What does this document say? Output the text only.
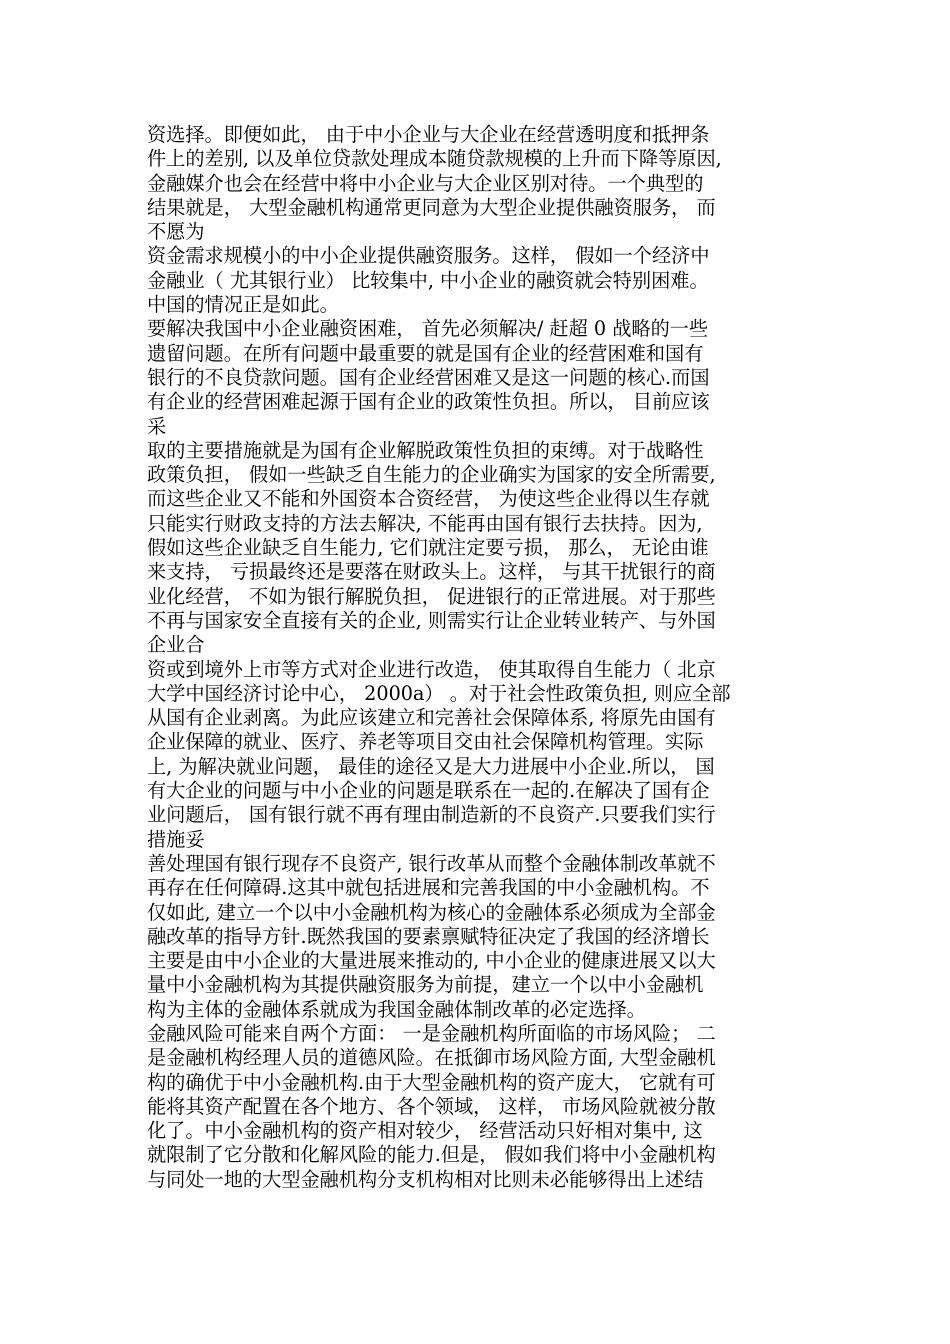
资选择。即便如此， 由于中小企业与大企业在经营透明度和抵押条
件上的差别, 以及单位贷款处理成本随贷款规模的上升而下降等原因,
金融媒介也会在经营中将中小企业与大企业区别对待。一个典型的
结果就是， 大型金融机构通常更同意为大型企业提供融资服务， 而
不愿为
资金需求规模小的中小企业提供融资服务。这样， 假如一个经济中
金融业（ 尤其银行业） 比较集中, 中小企业的融资就会特别困难。
中国的情况正是如此。
要解决我国中小企业融资困难， 首先必须解决/ 赶超 0 战略的一些
遗留问题。在所有问题中最重要的就是国有企业的经营困难和国有
银行的不良贷款问题。国有企业经营困难又是这一问题的核心.而国
有企业的经营困难起源于国有企业的政策性负担。所以， 目前应该
采
取的主要措施就是为国有企业解脱政策性负担的束缚。对于战略性
政策负担， 假如一些缺乏自生能力的企业确实为国家的安全所需要,
而这些企业又不能和外国资本合资经营， 为使这些企业得以生存就
只能实行财政支持的方法去解决, 不能再由国有银行去扶持。因为,
假如这些企业缺乏自生能力, 它们就注定要亏损， 那么， 无论由谁
来支持， 亏损最终还是要落在财政头上。这样， 与其干扰银行的商
业化经营， 不如为银行解脱负担， 促进银行的正常进展。对于那些
不再与国家安全直接有关的企业, 则需实行让企业转业转产、与外国
企业合
资或到境外上市等方式对企业进行改造， 使其取得自生能力（ 北京
大学中国经济讨论中心， 2000a） 。对于社会性政策负担, 则应全部
从国有企业剥离。为此应该建立和完善社会保障体系, 将原先由国有
企业保障的就业、医疗、养老等项目交由社会保障机构管理。实际
上, 为解决就业问题， 最佳的途径又是大力进展中小企业.所以， 国
有大企业的问题与中小企业的问题是联系在一起的.在解决了国有企
业问题后， 国有银行就不再有理由制造新的不良资产.只要我们实行
措施妥
善处理国有银行现存不良资产, 银行改革从而整个金融体制改革就不
再存在任何障碍.这其中就包括进展和完善我国的中小金融机构。不
仅如此, 建立一个以中小金融机构为核心的金融体系必须成为全部金
融改革的指导方针.既然我国的要素禀赋特征决定了我国的经济增长
主要是由中小企业的大量进展来推动的, 中小企业的健康进展又以大
量中小金融机构为其提供融资服务为前提，建立一个以中小金融机
构为主体的金融体系就成为我国金融体制改革的必定选择。
金融风险可能来自两个方面： 一是金融机构所面临的市场风险； 二
是金融机构经理人员的道德风险。在抵御市场风险方面, 大型金融机
构的确优于中小金融机构.由于大型金融机构的资产庞大， 它就有可
能将其资产配置在各个地方、各个领域， 这样， 市场风险就被分散
化了。中小金融机构的资产相对较少， 经营活动只好相对集中, 这
就限制了它分散和化解风险的能力.但是， 假如我们将中小金融机构
与同处一地的大型金融机构分支机构相对比则未必能够得出上述结
